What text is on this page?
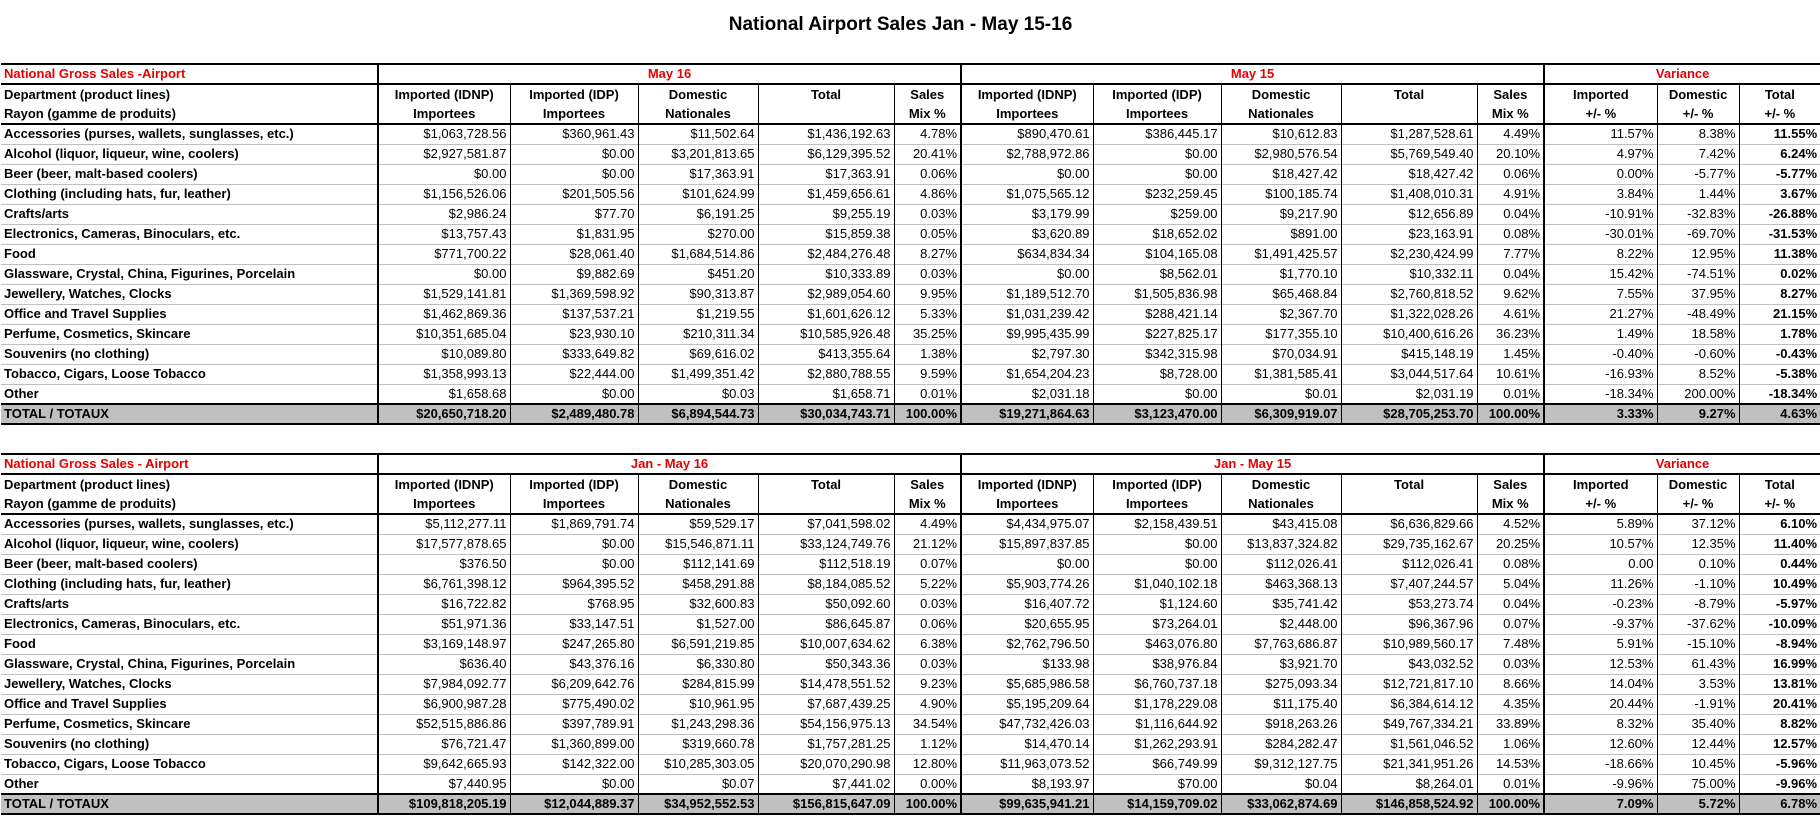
National Airport Sales Jan - May 15-16
National Gross Sales -Airport	May 16					May 15					Variance		
Department (product lines)	Imported (IDNP)	Imported (IDP)	Domestic	Total	Sales	Imported (IDNP)	Imported (IDP)	Domestic	Total	Sales	Imported	Domestic	Total
Rayon (gamme de produits)	Importees	Importees	Nationales		Mix %	Importees	Importees	Nationales		Mix %	+/- %	+/- %	+/- %
Accessories (purses, wallets, sunglasses, etc.)	$1,063,728.56	$360,961.43	$11,502.64	$1,436,192.63	4.78%	$890,470.61	$386,445.17	$10,612.83	$1,287,528.61	4.49%	11.57%	8.38%	11.55%
Alcohol (liquor, liqueur, wine, coolers)	$2,927,581.87	$0.00	$3,201,813.65	$6,129,395.52	20.41%	$2,788,972.86	$0.00	$2,980,576.54	$5,769,549.40	20.10%	4.97%	7.42%	6.24%
Beer (beer, malt-based coolers)	$0.00	$0.00	$17,363.91	$17,363.91	0.06%	$0.00	$0.00	$18,427.42	$18,427.42	0.06%	0.00%	-5.77%	-5.77%
Clothing (including hats, fur, leather)	$1,156,526.06	$201,505.56	$101,624.99	$1,459,656.61	4.86%	$1,075,565.12	$232,259.45	$100,185.74	$1,408,010.31	4.91%	3.84%	1.44%	3.67%
Crafts/arts	$2,986.24	$77.70	$6,191.25	$9,255.19	0.03%	$3,179.99	$259.00	$9,217.90	$12,656.89	0.04%	-10.91%	-32.83%	-26.88%
Electronics, Cameras, Binoculars, etc.	$13,757.43	$1,831.95	$270.00	$15,859.38	0.05%	$3,620.89	$18,652.02	$891.00	$23,163.91	0.08%	-30.01%	-69.70%	-31.53%
Food	$771,700.22	$28,061.40	$1,684,514.86	$2,484,276.48	8.27%	$634,834.34	$104,165.08	$1,491,425.57	$2,230,424.99	7.77%	8.22%	12.95%	11.38%
Glassware, Crystal, China, Figurines, Porcelain	$0.00	$9,882.69	$451.20	$10,333.89	0.03%	$0.00	$8,562.01	$1,770.10	$10,332.11	0.04%	15.42%	-74.51%	0.02%
Jewellery, Watches, Clocks	$1,529,141.81	$1,369,598.92	$90,313.87	$2,989,054.60	9.95%	$1,189,512.70	$1,505,836.98	$65,468.84	$2,760,818.52	9.62%	7.55%	37.95%	8.27%
Office and Travel Supplies	$1,462,869.36	$137,537.21	$1,219.55	$1,601,626.12	5.33%	$1,031,239.42	$288,421.14	$2,367.70	$1,322,028.26	4.61%	21.27%	-48.49%	21.15%
Perfume, Cosmetics, Skincare	$10,351,685.04	$23,930.10	$210,311.34	$10,585,926.48	35.25%	$9,995,435.99	$227,825.17	$177,355.10	$10,400,616.26	36.23%	1.49%	18.58%	1.78%
Souvenirs (no clothing)	$10,089.80	$333,649.82	$69,616.02	$413,355.64	1.38%	$2,797.30	$342,315.98	$70,034.91	$415,148.19	1.45%	-0.40%	-0.60%	-0.43%
Tobacco, Cigars, Loose Tobacco	$1,358,993.13	$22,444.00	$1,499,351.42	$2,880,788.55	9.59%	$1,654,204.23	$8,728.00	$1,381,585.41	$3,044,517.64	10.61%	-16.93%	8.52%	-5.38%
Other	$1,658.68	$0.00	$0.03	$1,658.71	0.01%	$2,031.18	$0.00	$0.01	$2,031.19	0.01%	-18.34%	200.00%	-18.34%
TOTAL / TOTAUX	$20,650,718.20	$2,489,480.78	$6,894,544.73	$30,034,743.71	100.00%	$19,271,864.63	$3,123,470.00	$6,309,919.07	$28,705,253.70	100.00%	3.33%	9.27%	4.63%
National Gross Sales - Airport	Jan - May 16					Jan - May 15					Variance		
Department (product lines)	Imported (IDNP)	Imported (IDP)	Domestic	Total	Sales	Imported (IDNP)	Imported (IDP)	Domestic	Total	Sales	Imported	Domestic	Total
Rayon (gamme de produits)	Importees	Importees	Nationales		Mix %	Importees	Importees	Nationales		Mix %	+/- %	+/- %	+/- %
Accessories (purses, wallets, sunglasses, etc.)	$5,112,277.11	$1,869,791.74	$59,529.17	$7,041,598.02	4.49%	$4,434,975.07	$2,158,439.51	$43,415.08	$6,636,829.66	4.52%	5.89%	37.12%	6.10%
Alcohol (liquor, liqueur, wine, coolers)	$17,577,878.65	$0.00	$15,546,871.11	$33,124,749.76	21.12%	$15,897,837.85	$0.00	$13,837,324.82	$29,735,162.67	20.25%	10.57%	12.35%	11.40%
Beer (beer, malt-based coolers)	$376.50	$0.00	$112,141.69	$112,518.19	0.07%	$0.00	$0.00	$112,026.41	$112,026.41	0.08%	0.00	0.10%	0.44%
Clothing (including hats, fur, leather)	$6,761,398.12	$964,395.52	$458,291.88	$8,184,085.52	5.22%	$5,903,774.26	$1,040,102.18	$463,368.13	$7,407,244.57	5.04%	11.26%	-1.10%	10.49%
Crafts/arts	$16,722.82	$768.95	$32,600.83	$50,092.60	0.03%	$16,407.72	$1,124.60	$35,741.42	$53,273.74	0.04%	-0.23%	-8.79%	-5.97%
Electronics, Cameras, Binoculars, etc.	$51,971.36	$33,147.51	$1,527.00	$86,645.87	0.06%	$20,655.95	$73,264.01	$2,448.00	$96,367.96	0.07%	-9.37%	-37.62%	-10.09%
Food	$3,169,148.97	$247,265.80	$6,591,219.85	$10,007,634.62	6.38%	$2,762,796.50	$463,076.80	$7,763,686.87	$10,989,560.17	7.48%	5.91%	-15.10%	-8.94%
Glassware, Crystal, China, Figurines, Porcelain	$636.40	$43,376.16	$6,330.80	$50,343.36	0.03%	$133.98	$38,976.84	$3,921.70	$43,032.52	0.03%	12.53%	61.43%	16.99%
Jewellery, Watches, Clocks	$7,984,092.77	$6,209,642.76	$284,815.99	$14,478,551.52	9.23%	$5,685,986.58	$6,760,737.18	$275,093.34	$12,721,817.10	8.66%	14.04%	3.53%	13.81%
Office and Travel Supplies	$6,900,987.28	$775,490.02	$10,961.95	$7,687,439.25	4.90%	$5,195,209.64	$1,178,229.08	$11,175.40	$6,384,614.12	4.35%	20.44%	-1.91%	20.41%
Perfume, Cosmetics, Skincare	$52,515,886.86	$397,789.91	$1,243,298.36	$54,156,975.13	34.54%	$47,732,426.03	$1,116,644.92	$918,263.26	$49,767,334.21	33.89%	8.32%	35.40%	8.82%
Souvenirs (no clothing)	$76,721.47	$1,360,899.00	$319,660.78	$1,757,281.25	1.12%	$14,470.14	$1,262,293.91	$284,282.47	$1,561,046.52	1.06%	12.60%	12.44%	12.57%
Tobacco, Cigars, Loose Tobacco	$9,642,665.93	$142,322.00	$10,285,303.05	$20,070,290.98	12.80%	$11,963,073.52	$66,749.99	$9,312,127.75	$21,341,951.26	14.53%	-18.66%	10.45%	-5.96%
Other	$7,440.95	$0.00	$0.07	$7,441.02	0.00%	$8,193.97	$70.00	$0.04	$8,264.01	0.01%	-9.96%	75.00%	-9.96%
TOTAL / TOTAUX	$109,818,205.19	$12,044,889.37	$34,952,552.53	$156,815,647.09	100.00%	$99,635,941.21	$14,159,709.02	$33,062,874.69	$146,858,524.92	100.00%	7.09%	5.72%	6.78%
